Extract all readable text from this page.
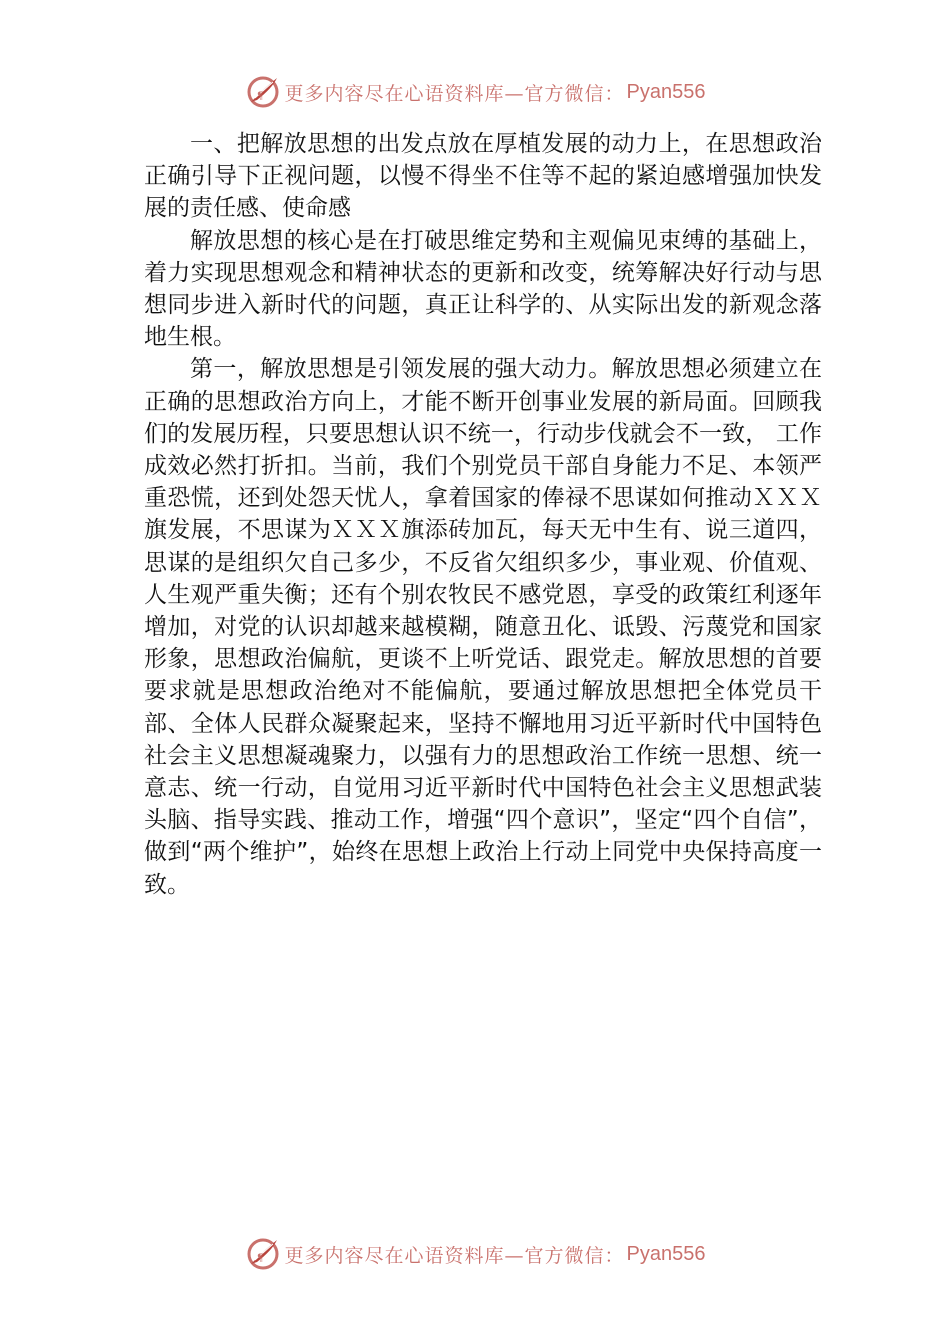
¶ 更多内容尽在心语资料库—官方微信： Pyan556

一、把解放思想的出发点放在厚植发展的动力上，在思想政治正确引导下正视问题，以慢不得坐不住等不起的紧迫感增强加快发展的责任感、使命感

解放思想的核心是在打破思维定势和主观偏见束缚的基础上，着力实现思想观念和精神状态的更新和改变，统筹解决好行动与思想同步进入新时代的问题，真正让科学的、从实际出发的新观念落地生根。

第一，解放思想是引领发展的强大动力。解放思想必须建立在正确的思想政治方向上，才能不断开创事业发展的新局面。回顾我们的发展历程，只要思想认识不统一，行动步伐就会不一致， 工作成效必然打折扣。当前，我们个别党员干部自身能力不足、本领严重恐慌，还到处怨天忧人，拿着国家的俸禄不思谋如何推动ＸＸＸ旗发展，不思谋为ＸＸＸ旗添砖加瓦，每天无中生有、说三道四，思谋的是组织欠自己多少，不反省欠组织多少，事业观、价值观、人生观严重失衡；还有个别农牧民不感党恩，享受的政策红利逐年增加，对党的认识却越来越模糊，随意丑化、诋毁、污蔑党和国家形象，思想政治偏航，更谈不上听党话、跟党走。解放思想的首要要求就是思想政治绝对不能偏航，要通过解放思想把全体党员干部、全体人民群众凝聚起来，坚持不懈地用习近平新时代中国特色社会主义思想凝魂聚力，以强有力的思想政治工作统一思想、统一意志、统一行动，自觉用习近平新时代中国特色社会主义思想武装头脑、指导实践、推动工作，增强“四个意识”，坚定“四个自信”，做到“两个维护”，始终在思想上政治上行动上同党中央保持高度一致。

¶ 更多内容尽在心语资料库—官方微信： Pyan556
